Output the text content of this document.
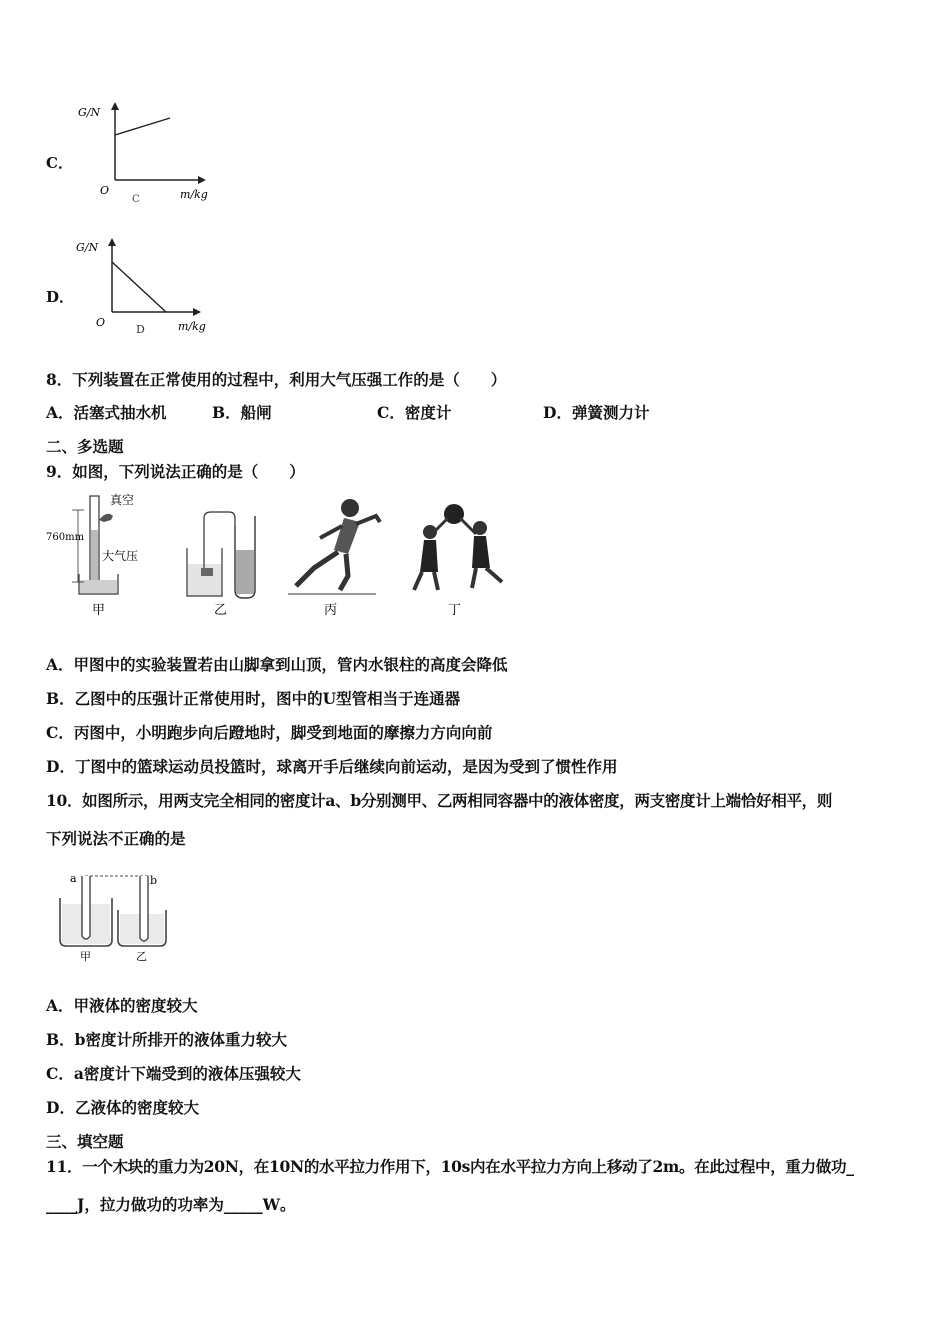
C．
G/N
O
C	m/kg
D．
G/N
O
D	m/kg
8．下列装置在正常使用的过程中，利用大气压强工作的是（　　）
A．活塞式抽水机	B．船闸	C．密度计	D．弹簧测力计
二、多选题
9．如图，下列说法正确的是（　　）
真空
760mm
大气压
甲	乙	丙	丁
A．甲图中的实验装置若由山脚拿到山顶，管内水银柱的高度会降低
B．乙图中的压强计正常使用时，图中的U型管相当于连通器
C．丙图中，小明跑步向后蹬地时，脚受到地面的摩擦力方向向前
D．丁图中的篮球运动员投篮时，球离开手后继续向前运动，是因为受到了惯性作用
10．如图所示，用两支完全相同的密度计a、b分别测甲、乙两相同容器中的液体密度，两支密度计上端恰好相平，则
下列说法不正确的是
a	b
甲	乙
A．甲液体的密度较大
B．b密度计所排开的液体重力较大
C．a密度计下端受到的液体压强较大
D．乙液体的密度较大
三、填空题
11．一个木块的重力为20N，在10N的水平拉力作用下，10s内在水平拉力方向上移动了2m。在此过程中，重力做功_
____J，拉力做功的功率为_____W。
